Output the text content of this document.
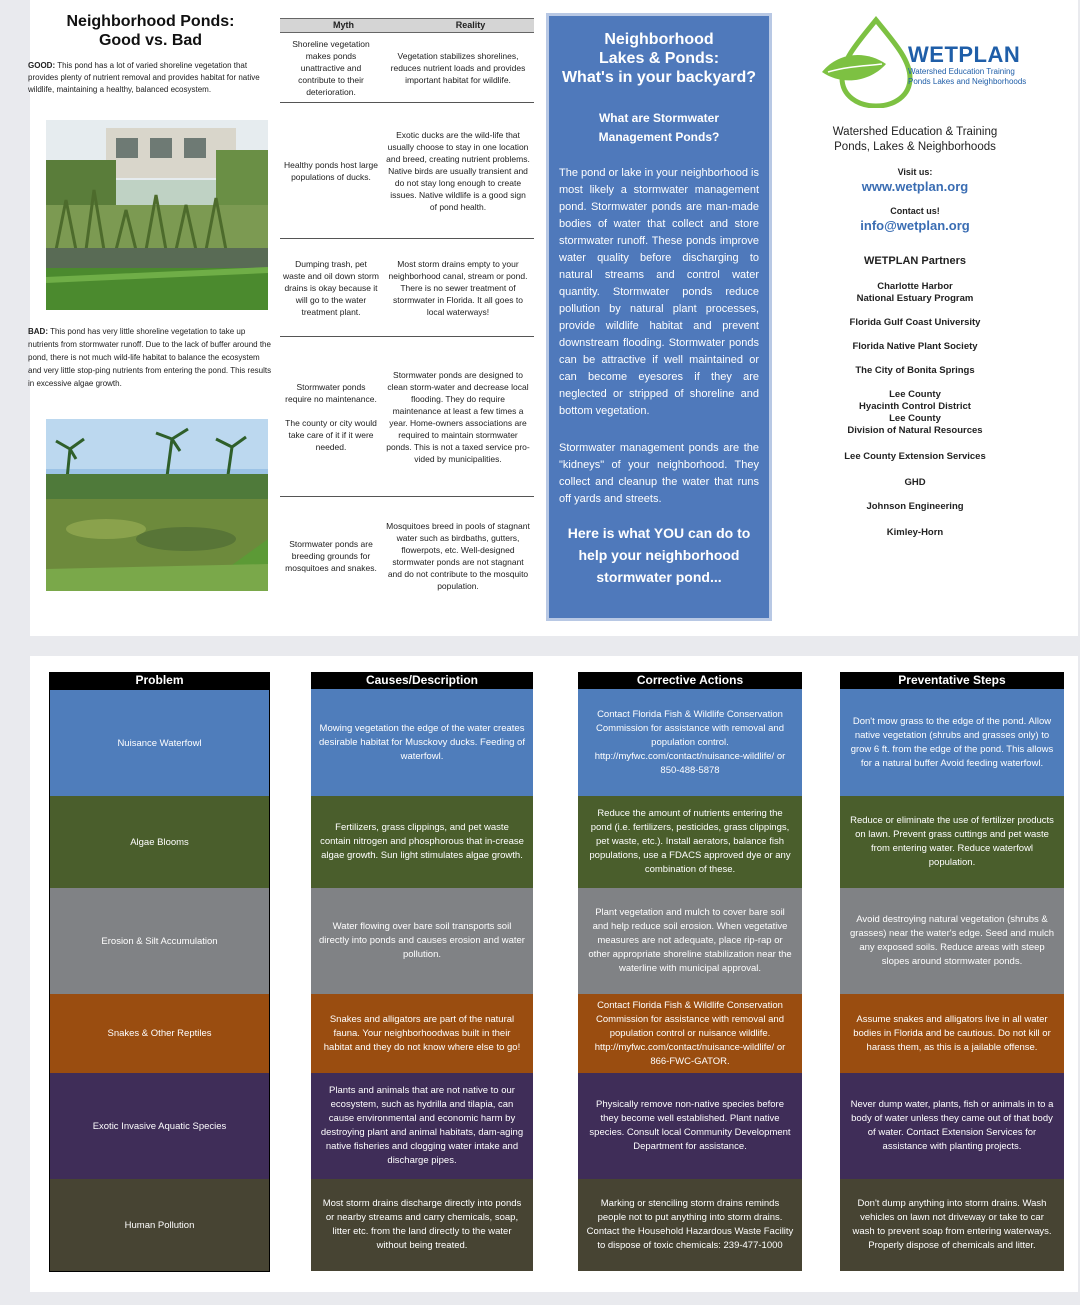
Neighborhood Ponds:
Good vs. Bad
GOOD: This pond has a lot of varied shoreline vegetation that provides plenty of nutrient removal and provides habitat for native wildlife, maintaining a healthy, balanced ecosystem.
BAD: This pond has very little shoreline vegetation to take up nutrients from stormwater runoff. Due to the lack of buffer around the pond, there is not much wild-life habitat to balance the ecosystem and very little stop-ping nutrients from entering the pond. This results in excessive algae growth.
Myth	Reality
Shoreline vegetation makes ponds unattractive and contribute to their deterioration.
Vegetation stabilizes shorelines, reduces nutrient loads and provides important habitat for wildlife.
Healthy ponds host large populations of ducks.
Exotic ducks are the wild-life that usually choose to stay in one location and breed, creating nutrient problems. Native birds are usually transient and do not stay long enough to create issues. Native wildlife is a good sign of pond health.
Dumping trash, pet waste and oil down storm drains is okay because it will go to the water treatment plant.
Most storm drains empty to your neighborhood canal, stream or pond. There is no sewer treatment of stormwater in Florida. It all goes to local waterways!
Stormwater ponds require no maintenance.

The county or city would take care of it if it were needed.
Stormwater ponds are designed to clean storm-water and decrease local flooding. They do require maintenance at least a few times a year. Home-owners associations are required to maintain stormwater ponds. This is not a taxed service pro- vided by municipalities.
Stormwater ponds are breeding grounds for mosquitoes and snakes.
Mosquitoes breed in pools of stagnant water such as birdbaths, gutters, flowerpots, etc. Well-designed stormwater ponds are not stagnant and do not contribute to the mosquito population.
Neighborhood
Lakes & Ponds:
What's in your backyard?
What are Stormwater
Management Ponds?
The pond or lake in your neighborhood is most likely a stormwater management pond. Stormwater ponds are man-made bodies of water that collect and store stormwater runoff. These ponds improve water quality before discharging to natural streams and control water quantity. Stormwater ponds reduce pollution by natural plant processes, provide wildlife habitat and prevent downstream flooding. Stormwater ponds can be attractive if well maintained or can become eyesores if they are neglected or stripped of shoreline and bottom vegetation.
Stormwater management ponds are the "kidneys" of your neighborhood. They collect and cleanup the water that runs off yards and streets.
Here is what YOU can do to
help your neighborhood
stormwater pond...
WETPLAN
Watershed Education Training
Ponds Lakes and Neighborhoods
Watershed Education & Training
Ponds, Lakes & Neighborhoods
Visit us:
www.wetplan.org
Contact us!
info@wetplan.org
WETPLAN Partners
Charlotte Harbor
National Estuary Program
Florida Gulf Coast University
Florida Native Plant Society
The City of Bonita Springs
Lee County
Hyacinth Control District
Lee County
Division of Natural Resources
Lee County Extension Services
GHD
Johnson Engineering
Kimley-Horn
Problem
Nuisance Waterfowl
Algae Blooms
Erosion & Silt Accumulation
Snakes & Other Reptiles
Exotic Invasive Aquatic Species
Human Pollution
Causes/Description
Mowing vegetation the edge of the water creates desirable habitat for Musckovy ducks. Feeding of waterfowl.
Fertilizers, grass clippings, and pet waste contain nitrogen and phosphorous that in-crease algae growth. Sun light stimulates algae growth.
Water flowing over bare soil transports soil directly into ponds and causes erosion and water pollution.
Snakes and alligators are part of the natural fauna. Your neighborhoodwas built in their habitat and they do not know where else to go!
Plants and animals that are not native to our ecosystem, such as hydrilla and tilapia, can cause environmental and economic harm by destroying plant and animal habitats, dam-aging native fisheries and clogging water intake and discharge pipes.
Most storm drains discharge directly into ponds or nearby streams and carry chemicals, soap, litter etc. from the land directly to the water without being treated.
Corrective Actions
Contact Florida Fish & Wildlife Conservation Commission for assistance with removal and population control. http://myfwc.com/contact/nuisance-wildlife/ or 850-488-5878
Reduce the amount of nutrients entering the pond (i.e. fertilizers, pesticides, grass clippings, pet waste, etc.). Install aerators, balance fish populations, use a FDACS approved dye or any combination of these.
Plant vegetation and mulch to cover bare soil and help reduce soil erosion. When vegetative measures are not adequate, place rip-rap or other appropriate shoreline stabilization near the waterline with municipal approval.
Contact Florida Fish & Wildlife Conservation Commission for assistance with removal and population control or nuisance wildlife. http://myfwc.com/contact/nuisance-wildlife/ or 866-FWC-GATOR.
Physically remove non-native species before they become well established. Plant native species. Consult local Community Development Department for assistance.
Marking or stenciling storm drains reminds people not to put anything into storm drains. Contact the Household Hazardous Waste Facility to dispose of toxic chemicals: 239-477-1000
Preventative Steps
Don't mow grass to the edge of the pond. Allow native vegetation (shrubs and grasses only) to grow 6 ft. from the edge of the pond. This allows for a natural buffer Avoid feeding waterfowl.
Reduce or eliminate the use of fertilizer products on lawn. Prevent grass cuttings and pet waste from entering water. Reduce waterfowl population.
Avoid destroying natural vegetation (shrubs & grasses) near the water's edge. Seed and mulch any exposed soils. Reduce areas with steep slopes around stormwater ponds.
Assume snakes and alligators live in all water bodies in Florida and be cautious. Do not kill or harass them, as this is a jailable offense.
Never dump water, plants, fish or animals in to a body of water unless they came out of that body of water. Contact Extension Services for assistance with planting projects.
Don't dump anything into storm drains. Wash vehicles on lawn not driveway or take to car wash to prevent soap from entering waterways. Properly dispose of chemicals and litter.
